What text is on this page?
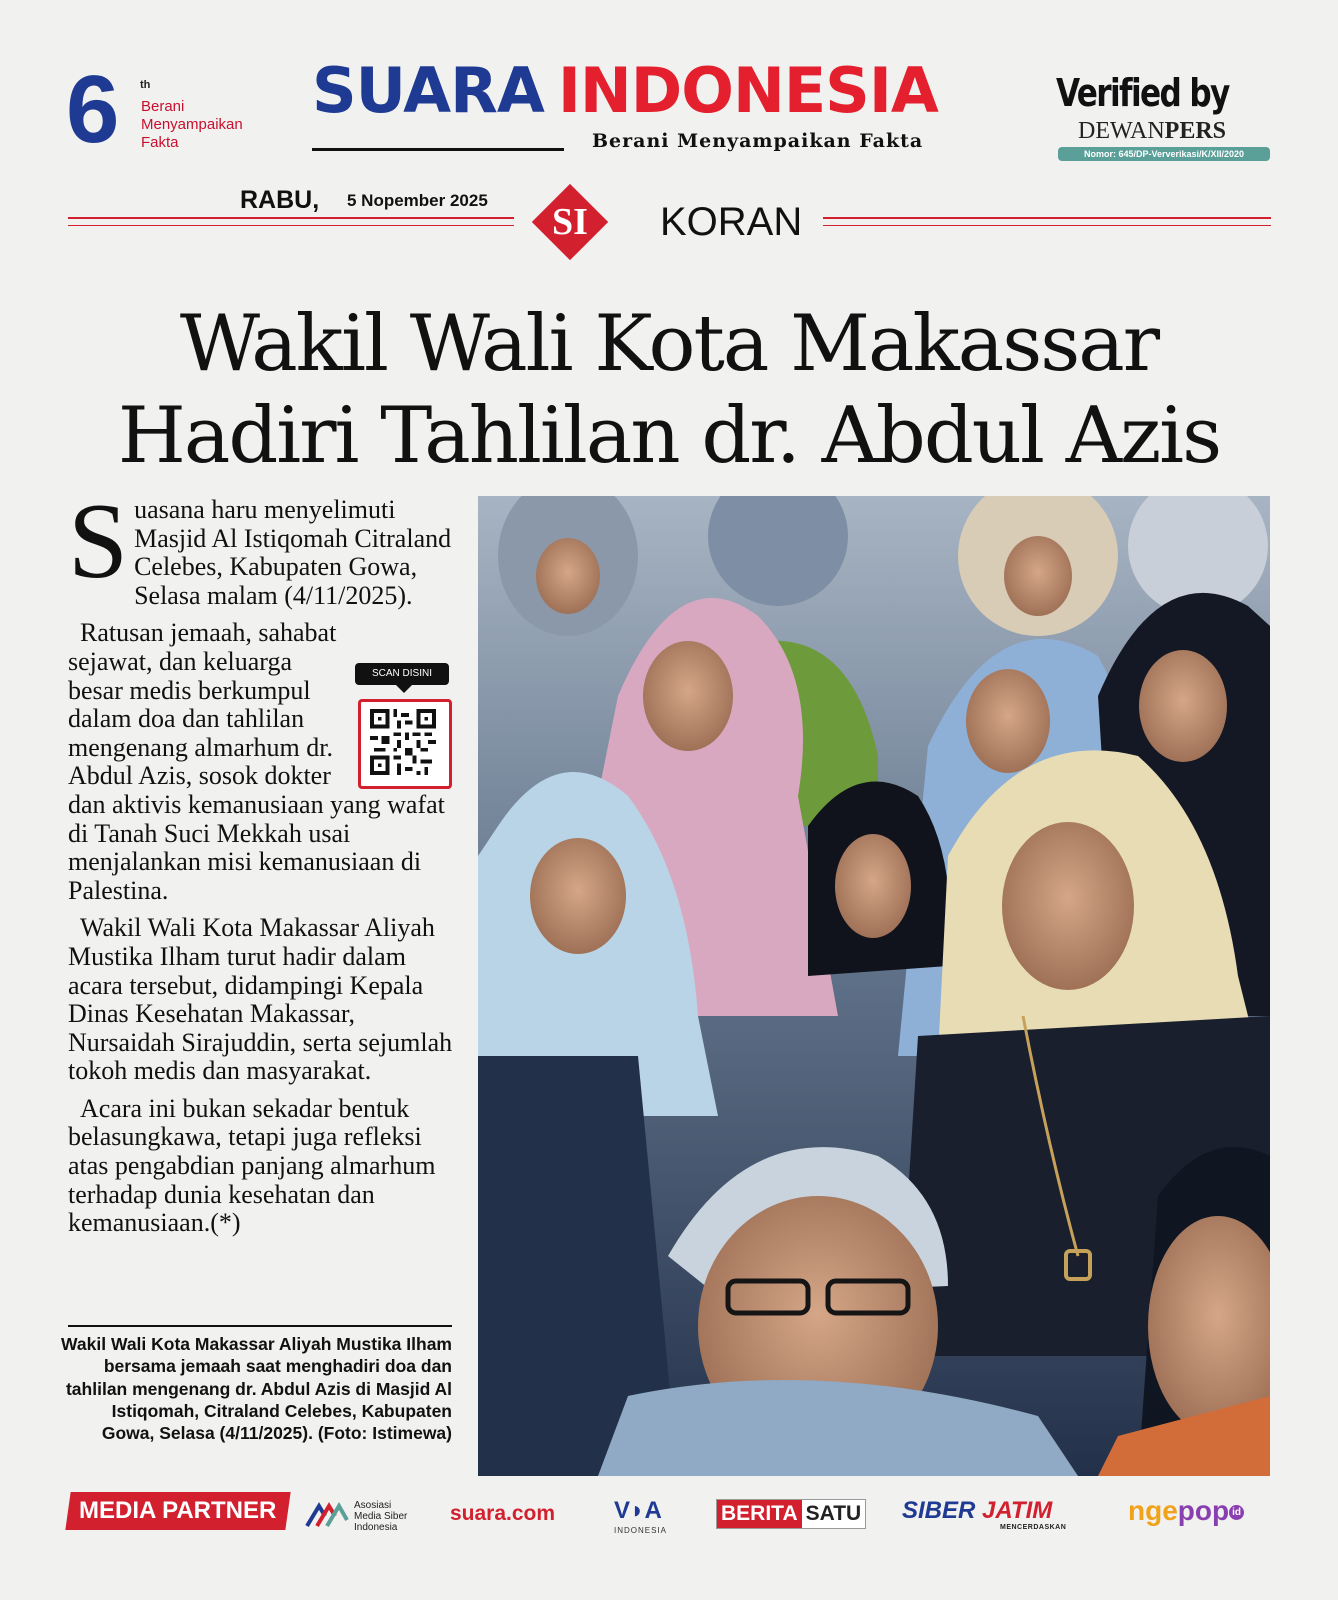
6 th
Berani
Menyampaikan
Fakta
SUARA INDONESIA
Berani Menyampaikan Fakta
Verified by
DEWANPERS
Nomor: 645/DP-Ververikasi/K/XII/2020
RABU, 5 Nopember 2025
SI	KORAN
Wakil Wali Kota Makassar
Hadiri Tahlilan dr. Abdul Azis

Suasana haru menyelimuti Masjid Al Istiqomah Citraland Celebes, Kabupaten Gowa, Selasa malam (4/11/2025).

Ratusan jemaah, sahabat sejawat, dan keluarga besar medis berkumpul dalam doa dan tahlilan mengenang almarhum dr. Abdul Azis, sosok dokter dan aktivis kemanusiaan yang wafat di Tanah Suci Mekkah usai menjalankan misi kemanusiaan di Palestina.

Wakil Wali Kota Makassar Aliyah Mustika Ilham turut hadir dalam acara tersebut, didampingi Kepala Dinas Kesehatan Makassar, Nursaidah Sirajuddin, serta sejumlah tokoh medis dan masyarakat.

Acara ini bukan sekadar bentuk belasungkawa, tetapi juga refleksi atas pengabdian panjang almarhum terhadap dunia kesehatan dan kemanusiaan.(*)

SCAN DISINI
Wakil Wali Kota Makassar Aliyah Mustika Ilham bersama jemaah saat menghadiri doa dan tahlilan mengenang dr. Abdul Azis di Masjid Al Istiqomah, Citraland Celebes, Kabupaten Gowa, Selasa (4/11/2025). (Foto: Istimewa)
MEDIA PARTNER	Asosiasi
Media Siber
Indonesia
suara.com V◗A
INDONESIA
BERITA SATU SIBER JATIM
MENCERDASKAN
ngepop id
